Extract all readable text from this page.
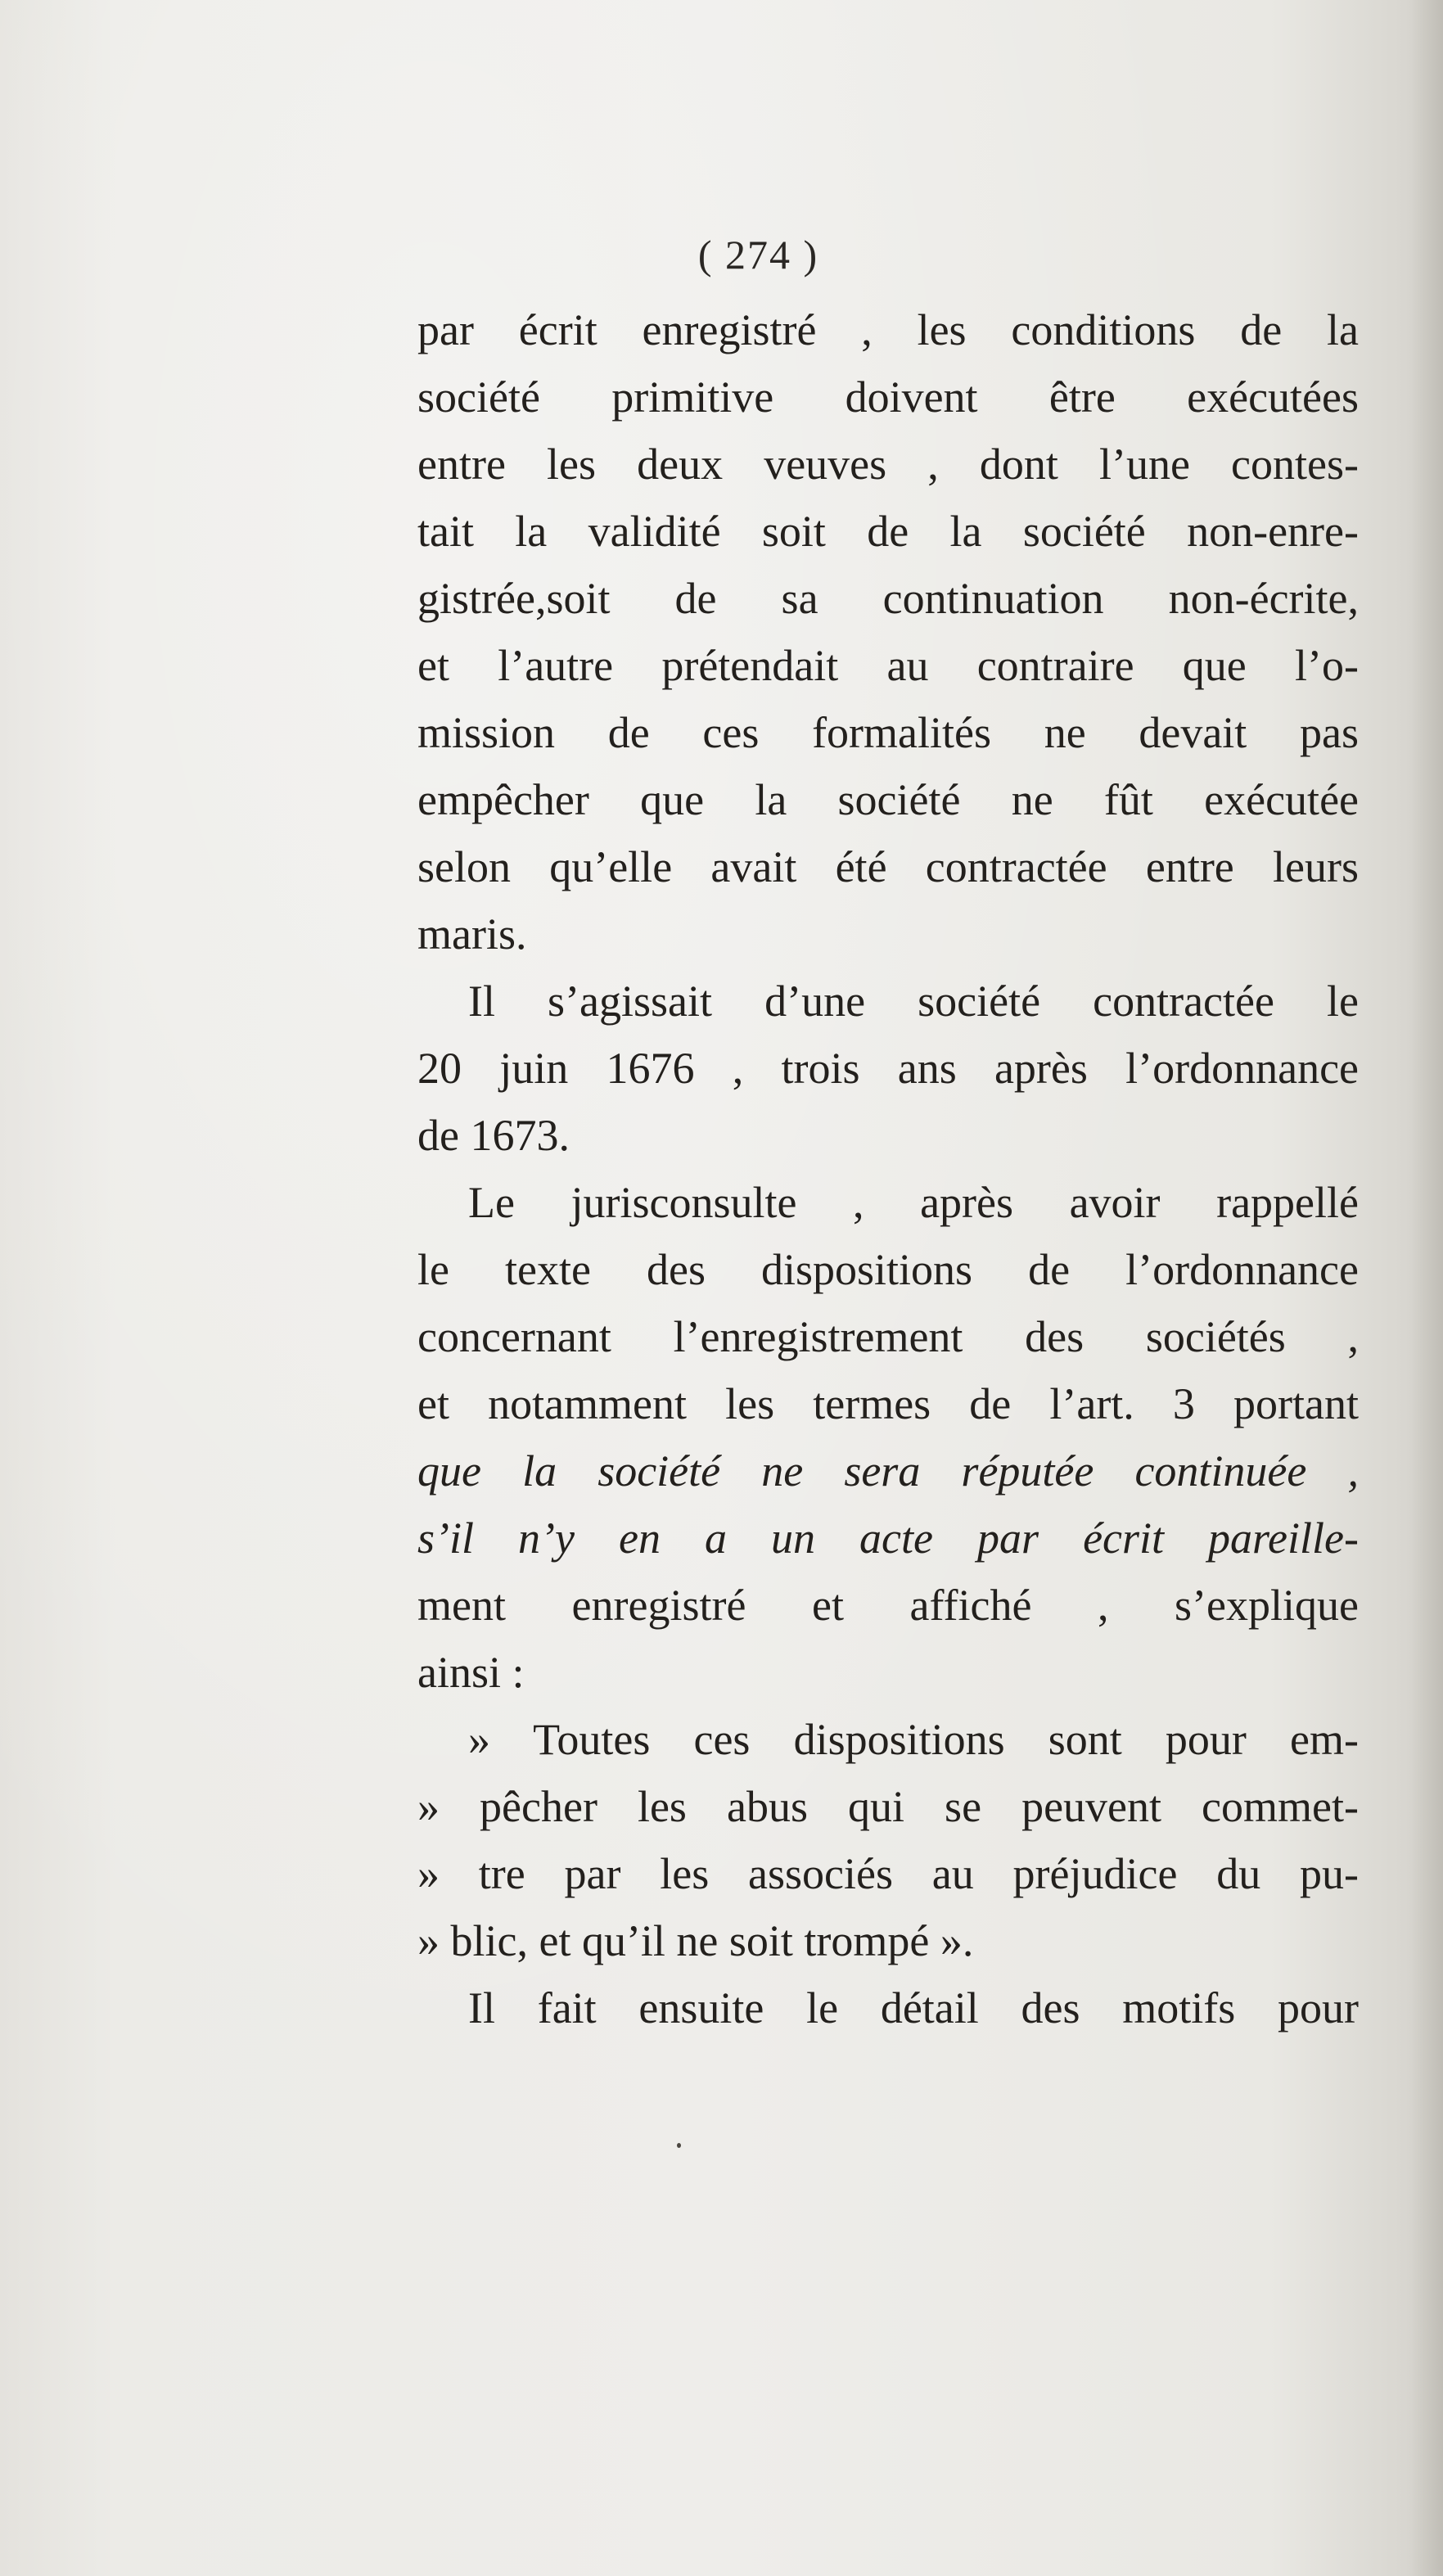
( 274 )
par écrit enregistré , les conditions de la
société primitive doivent être exécutées
entre les deux veuves , dont l’une contes-
tait la validité soit de la société non-enre-
gistrée,soit de sa continuation non-écrite,
et l’autre prétendait au contraire que l’o-
mission de ces formalités ne devait pas
empêcher que la société ne fût exécutée
selon qu’elle avait été contractée entre leurs
maris.
Il s’agissait d’une société contractée le
20 juin 1676 , trois ans après l’ordonnance
de 1673.
Le jurisconsulte , après avoir rappellé
le texte des dispositions de l’ordonnance
concernant l’enregistrement des sociétés ,
et notamment les termes de l’art. 3 portant
que la société ne sera réputée continuée ,
s’il n’y en a un acte par écrit pareille-
ment enregistré et affiché , s’explique
ainsi :
» Toutes ces dispositions sont pour em-
» pêcher les abus qui se peuvent commet-
» tre par les associés au préjudice du pu-
» blic, et qu’il ne soit trompé ».
Il fait ensuite le détail des motifs pour
